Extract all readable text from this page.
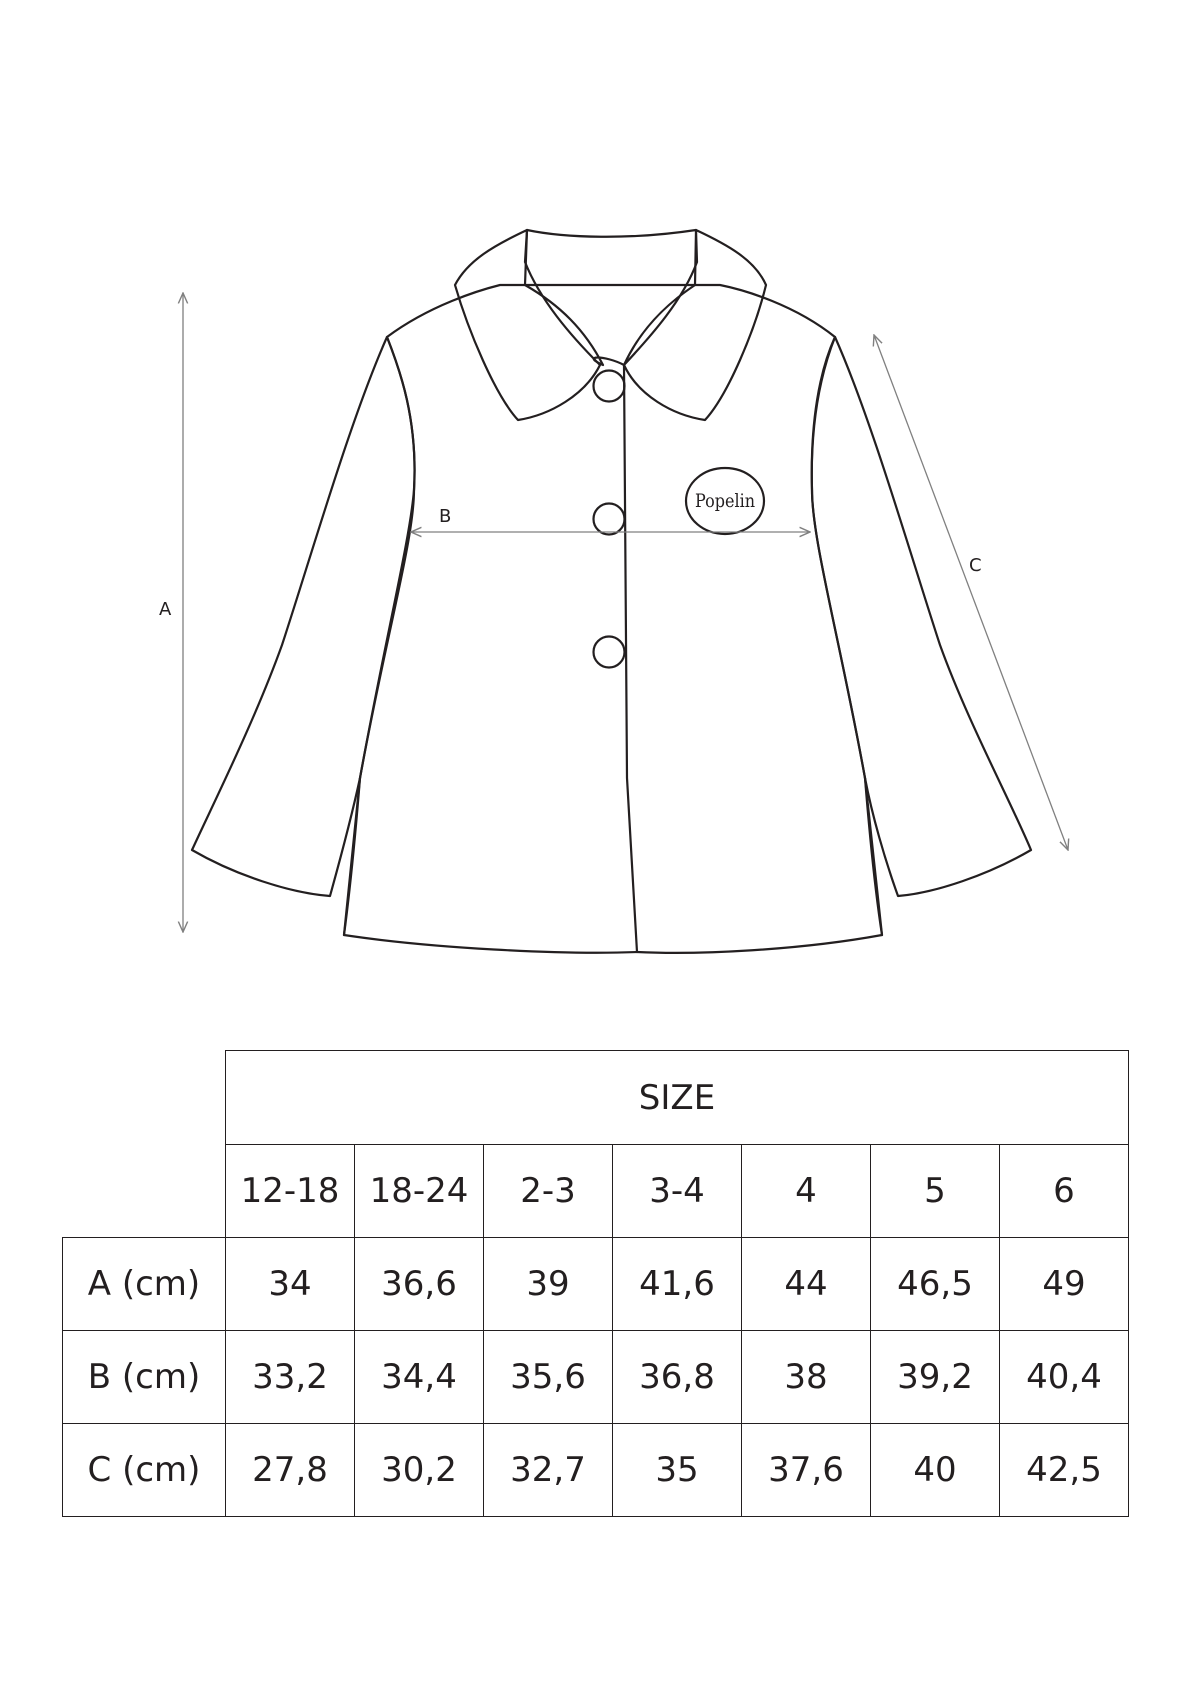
Popelin
A
B
C
	SIZE						
	12-18	18-24	2-3	3-4	4	5	6
A (cm)	34	36,6	39	41,6	44	46,5	49
B (cm)	33,2	34,4	35,6	36,8	38	39,2	40,4
C (cm)	27,8	30,2	32,7	35	37,6	40	42,5
